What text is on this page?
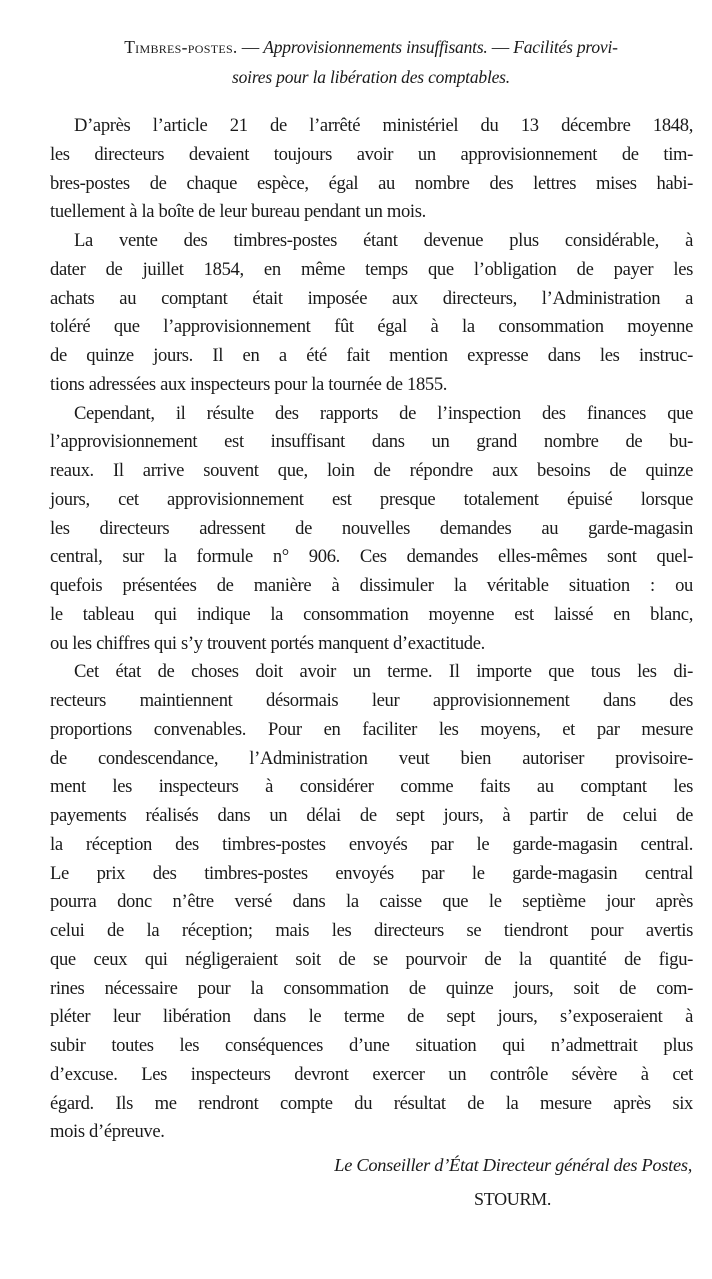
Timbres-postes. — Approvisionnements insuffisants. — Facilités provi-
soires pour la libération des comptables.
D’après l’article 21 de l’arrêté ministériel du 13 décembre 1848,
les directeurs devaient toujours avoir un approvisionnement de tim-
bres-postes de chaque espèce, égal au nombre des lettres mises habi-
tuellement à la boîte de leur bureau pendant un mois.
La vente des timbres-postes étant devenue plus considérable, à
dater de juillet 1854, en même temps que l’obligation de payer les
achats au comptant était imposée aux directeurs, l’Administration a
toléré que l’approvisionnement fût égal à la consommation moyenne
de quinze jours. Il en a été fait mention expresse dans les instruc-
tions adressées aux inspecteurs pour la tournée de 1855.
Cependant, il résulte des rapports de l’inspection des finances que
l’approvisionnement est insuffisant dans un grand nombre de bu-
reaux. Il arrive souvent que, loin de répondre aux besoins de quinze
jours, cet approvisionnement est presque totalement épuisé lorsque
les directeurs adressent de nouvelles demandes au garde-magasin
central, sur la formule n° 906. Ces demandes elles-mêmes sont quel-
quefois présentées de manière à dissimuler la véritable situation : ou
le tableau qui indique la consommation moyenne est laissé en blanc,
ou les chiffres qui s’y trouvent portés manquent d’exactitude.
Cet état de choses doit avoir un terme. Il importe que tous les di-
recteurs maintiennent désormais leur approvisionnement dans des
proportions convenables. Pour en faciliter les moyens, et par mesure
de condescendance, l’Administration veut bien autoriser provisoire-
ment les inspecteurs à considérer comme faits au comptant les
payements réalisés dans un délai de sept jours, à partir de celui de
la réception des timbres-postes envoyés par le garde-magasin central.
Le prix des timbres-postes envoyés par le garde-magasin central
pourra donc n’être versé dans la caisse que le septième jour après
celui de la réception; mais les directeurs se tiendront pour avertis
que ceux qui négligeraient soit de se pourvoir de la quantité de figu-
rines nécessaire pour la consommation de quinze jours, soit de com-
pléter leur libération dans le terme de sept jours, s’exposeraient à
subir toutes les conséquences d’une situation qui n’admettrait plus
d’excuse. Les inspecteurs devront exercer un contrôle sévère à cet
égard. Ils me rendront compte du résultat de la mesure après six
mois d’épreuve.
Le Conseiller d’État Directeur général des Postes,
STOURM.
